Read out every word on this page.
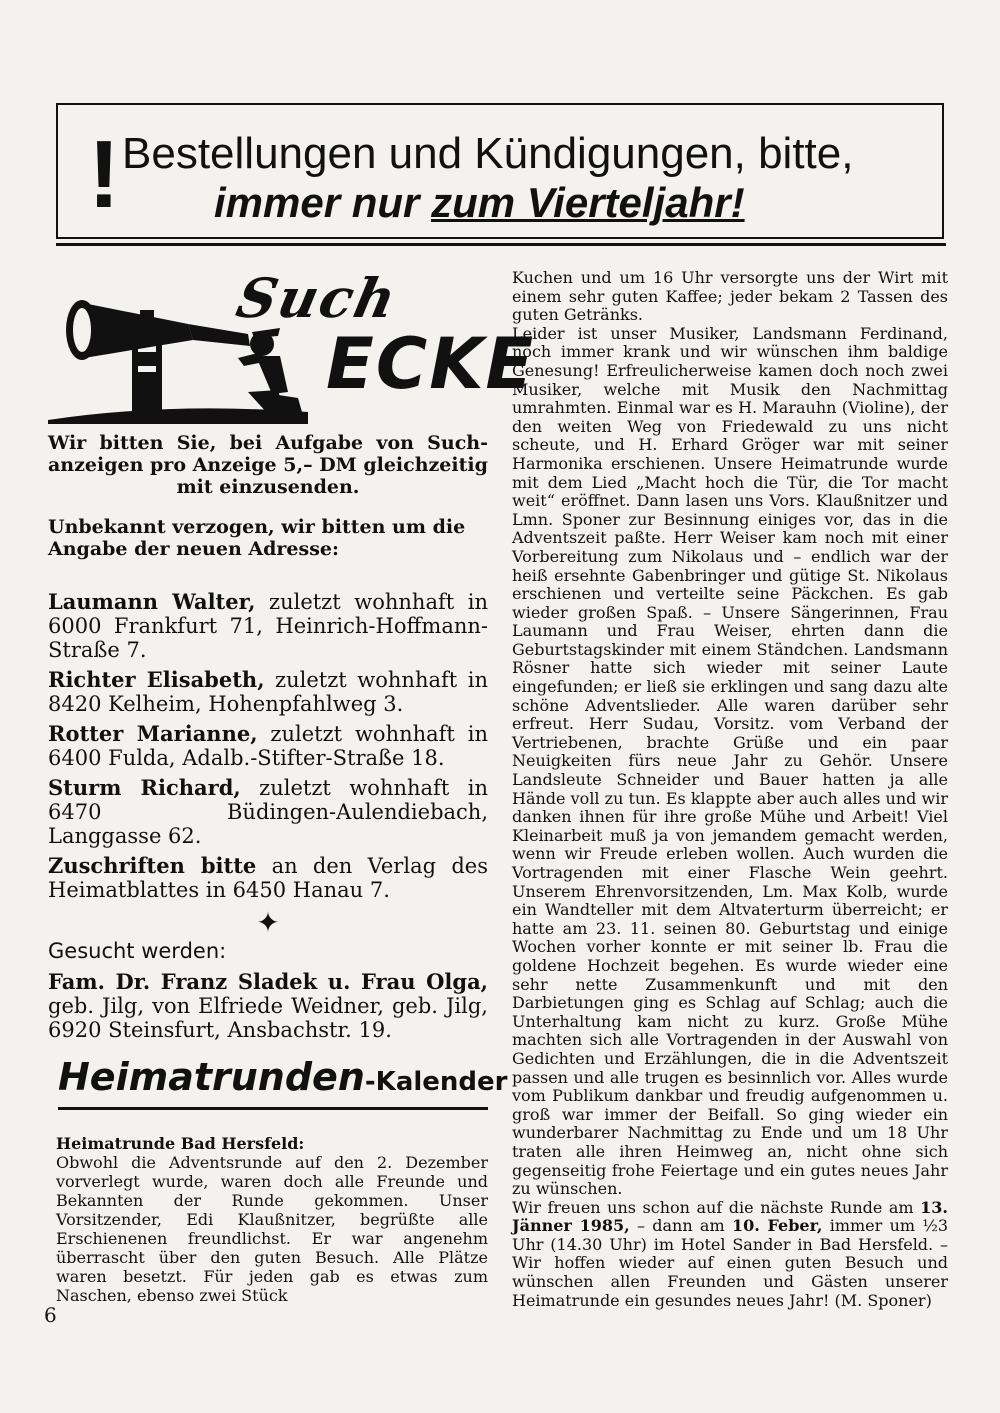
! Bestellungen und Kündigungen, bitte,
immer nur zum Vierteljahr!
Such
ECKE
Wir bitten Sie, bei Aufgabe von Such-anzeigen pro Anzeige 5,– DM gleichzeitig
mit einzusenden.
Unbekannt verzogen, wir bitten um die Angabe der neuen Adresse:

Laumann Walter, zuletzt wohnhaft in 6000 Frankfurt 71, Heinrich-Hoffmann-Straße 7.

Richter Elisabeth, zuletzt wohnhaft in 8420 Kelheim, Hohenpfahlweg 3.

Rotter Marianne, zuletzt wohnhaft in 6400 Fulda, Adalb.-Stifter-Straße 18.

Sturm Richard, zuletzt wohnhaft in 6470 Büdingen-Aulendiebach, Langgasse 62.

Zuschriften bitte an den Verlag des Heimatblattes in 6450 Hanau 7.

✦
Gesucht werden:
Fam. Dr. Franz Sladek u. Frau Olga, geb. Jilg, von Elfriede Weidner, geb. Jilg, 6920 Steinsfurt, Ansbachstr. 19.
Heimatrunden-Kalender
Heimatrunde Bad Hersfeld:

Obwohl die Adventsrunde auf den 2. Dezember vorverlegt wurde, waren doch alle Freunde und Bekannten der Runde gekommen. Unser Vorsitzender, Edi Klaußnitzer, begrüßte alle Erschienenen freundlichst. Er war angenehm überrascht über den guten Besuch. Alle Plätze waren besetzt. Für jeden gab es etwas zum Naschen, ebenso zwei Stück

6

Kuchen und um 16 Uhr versorgte uns der Wirt mit einem sehr guten Kaffee; jeder bekam 2 Tassen des guten Getränks.

Leider ist unser Musiker, Landsmann Ferdinand, noch immer krank und wir wünschen ihm baldige Genesung! Erfreulicherweise kamen doch noch zwei Musiker, welche mit Musik den Nachmittag umrahmten. Einmal war es H. Marauhn (Violine), der den weiten Weg von Friedewald zu uns nicht scheute, und H. Erhard Gröger war mit seiner Harmonika erschienen. Unsere Heimatrunde wurde mit dem Lied „Macht hoch die Tür, die Tor macht weit“ eröffnet. Dann lasen uns Vors. Klaußnitzer und Lmn. Sponer zur Besinnung einiges vor, das in die Adventszeit paßte. Herr Weiser kam noch mit einer Vorbereitung zum Nikolaus und – endlich war der heiß ersehnte Gabenbringer und gütige St. Nikolaus erschienen und verteilte seine Päckchen. Es gab wieder großen Spaß. – Unsere Sängerinnen, Frau Laumann und Frau Weiser, ehrten dann die Geburtstagskinder mit einem Ständchen. Landsmann Rösner hatte sich wieder mit seiner Laute eingefunden; er ließ sie erklingen und sang dazu alte schöne Adventslieder. Alle waren darüber sehr erfreut. Herr Sudau, Vorsitz. vom Verband der Vertriebenen, brachte Grüße und ein paar Neuigkeiten fürs neue Jahr zu Gehör. Unsere Landsleute Schneider und Bauer hatten ja alle Hände voll zu tun. Es klappte aber auch alles und wir danken ihnen für ihre große Mühe und Arbeit! Viel Kleinarbeit muß ja von jemandem gemacht werden, wenn wir Freude erleben wollen. Auch wurden die Vortragenden mit einer Flasche Wein geehrt. Unserem Ehrenvorsitzenden, Lm. Max Kolb, wurde ein Wandteller mit dem Altvaterturm überreicht; er hatte am 23. 11. seinen 80. Geburtstag und einige Wochen vorher konnte er mit seiner lb. Frau die goldene Hochzeit begehen. Es wurde wieder eine sehr nette Zusammenkunft und mit den Darbietungen ging es Schlag auf Schlag; auch die Unterhaltung kam nicht zu kurz. Große Mühe machten sich alle Vortragenden in der Auswahl von Gedichten und Erzählungen, die in die Adventszeit passen und alle trugen es besinnlich vor. Alles wurde vom Publikum dankbar und freudig aufgenommen u. groß war immer der Beifall. So ging wieder ein wunderbarer Nachmittag zu Ende und um 18 Uhr traten alle ihren Heimweg an, nicht ohne sich gegenseitig frohe Feiertage und ein gutes neues Jahr zu wünschen.

Wir freuen uns schon auf die nächste Runde am 13. Jänner 1985, – dann am 10. Feber, immer um ½3 Uhr (14.30 Uhr) im Hotel Sander in Bad Hersfeld. – Wir hoffen wieder auf einen guten Besuch und wünschen allen Freunden und Gästen unserer Heimatrunde ein gesundes neues Jahr! (M. Sponer)
